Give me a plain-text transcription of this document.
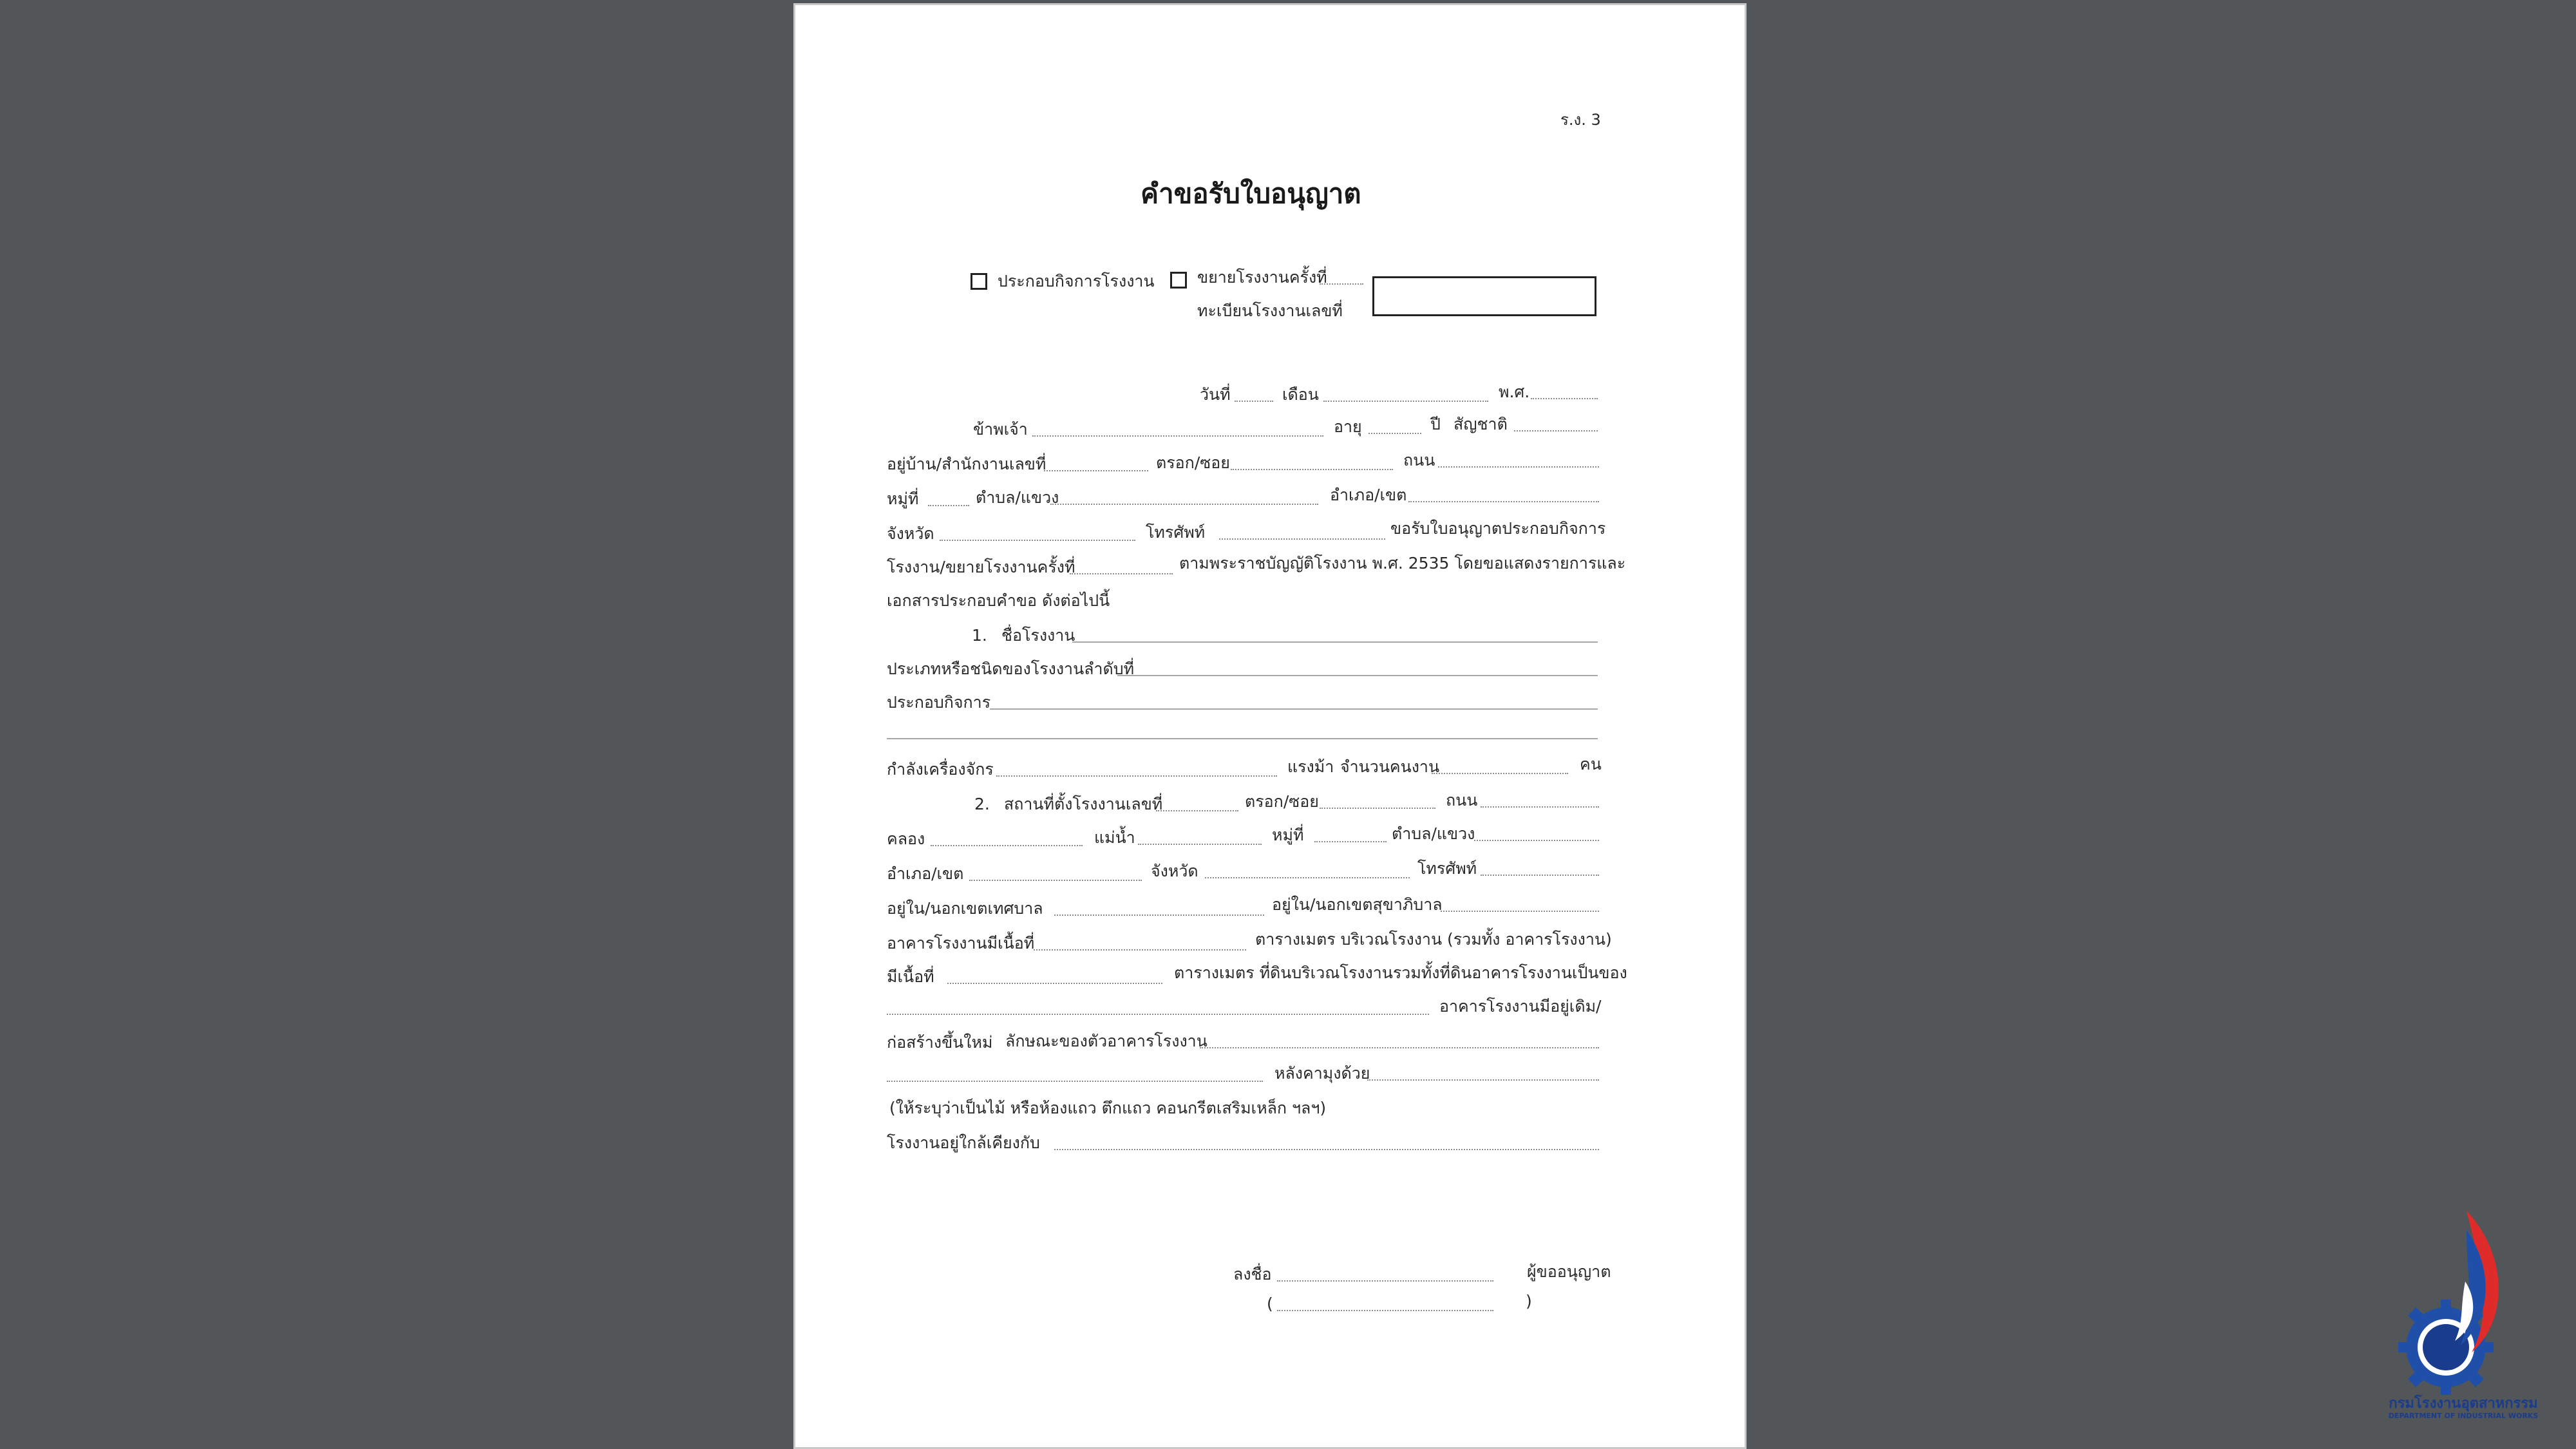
ร.ง. 3
คำขอรับใบอนุญาต
ประกอบกิจการโรงงาน	ขยายโรงงานครั้งที่
ทะเบียนโรงงานเลขที่
วันที่	เดือน	พ.ศ.
ข้าพเจ้า	อายุ	ปี สัญชาติ
อยู่บ้าน/สำนักงานเลขที่	ตรอก/ซอย	ถนน
หมู่ที่	ตำบล/แขวง	อำเภอ/เขต
จังหวัด	โทรศัพท์	ขอรับใบอนุญาตประกอบกิจการ
โรงงาน/ขยายโรงงานครั้งที่	ตามพระราชบัญญัติโรงงาน พ.ศ. 2535 โดยขอแสดงรายการและ
เอกสารประกอบคำขอ ดังต่อไปนี้
1. ชื่อโรงงาน
ประเภทหรือชนิดของโรงงานลำดับที่
ประกอบกิจการ
กำลังเครื่องจักร	แรงม้า จำนวนคนงาน	คน
2. สถานที่ตั้งโรงงานเลขที่	ตรอก/ซอย	ถนน
คลอง	แม่น้ำ	หมู่ที่	ตำบล/แขวง
อำเภอ/เขต	จังหวัด	โทรศัพท์
อยู่ใน/นอกเขตเทศบาล	อยู่ใน/นอกเขตสุขาภิบาล
อาคารโรงงานมีเนื้อที่	ตารางเมตร บริเวณโรงงาน (รวมทั้ง อาคารโรงงาน)
มีเนื้อที่	ตารางเมตร ที่ดินบริเวณโรงงานรวมทั้งที่ดินอาคารโรงงานเป็นของ
อาคารโรงงานมีอยู่เดิม/
ก่อสร้างขึ้นใหม่ ลักษณะของตัวอาคารโรงงาน
หลังคามุงด้วย
(ให้ระบุว่าเป็นไม้ หรือห้องแถว ตึกแถว คอนกรีตเสริมเหล็ก ฯลฯ)
โรงงานอยู่ใกล้เคียงกับ
ลงชื่อ	ผู้ขออนุญาต
(	)
กรมโรงงานอุตสาหกรรม
DEPARTMENT OF INDUSTRIAL WORKS
